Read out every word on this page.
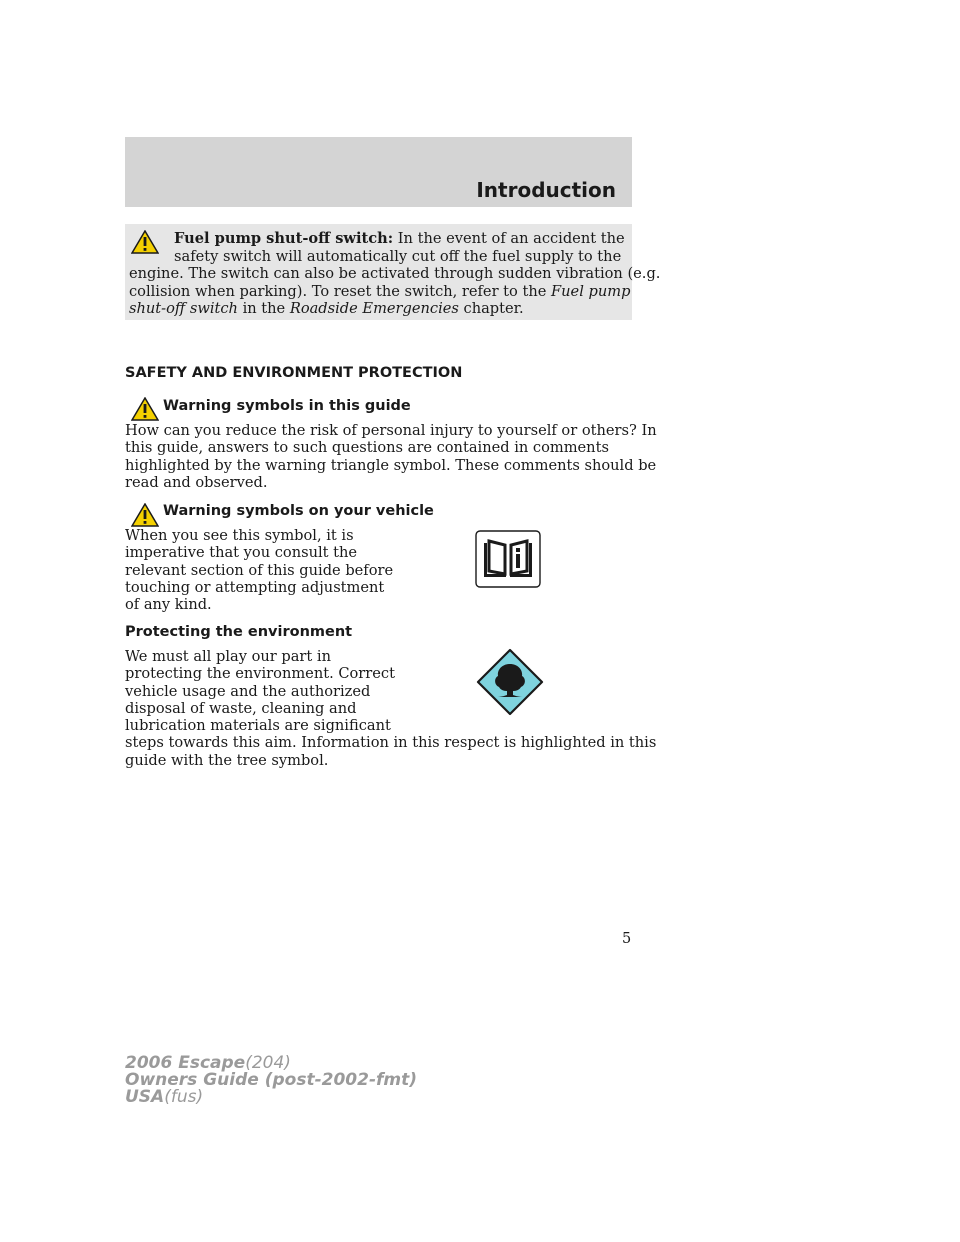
Introduction
Fuel pump shut-off switch: In the event of an accident the
safety switch will automatically cut off the fuel supply to the
engine. The switch can also be activated through sudden vibration (e.g.
collision when parking). To reset the switch, refer to the Fuel pump
shut-off switch in the Roadside Emergencies chapter.
SAFETY AND ENVIRONMENT PROTECTION
Warning symbols in this guide
How can you reduce the risk of personal injury to yourself or others? In
this guide, answers to such questions are contained in comments
highlighted by the warning triangle symbol. These comments should be
read and observed.
Warning symbols on your vehicle
When you see this symbol, it is
imperative that you consult the
relevant section of this guide before
touching or attempting adjustment
of any kind.
Protecting the environment
We must all play our part in
protecting the environment. Correct
vehicle usage and the authorized
disposal of waste, cleaning and
lubrication materials are significant
steps towards this aim. Information in this respect is highlighted in this
guide with the tree symbol.
5
2006 Escape(204)
Owners Guide (post-2002-fmt)
USA(fus)
